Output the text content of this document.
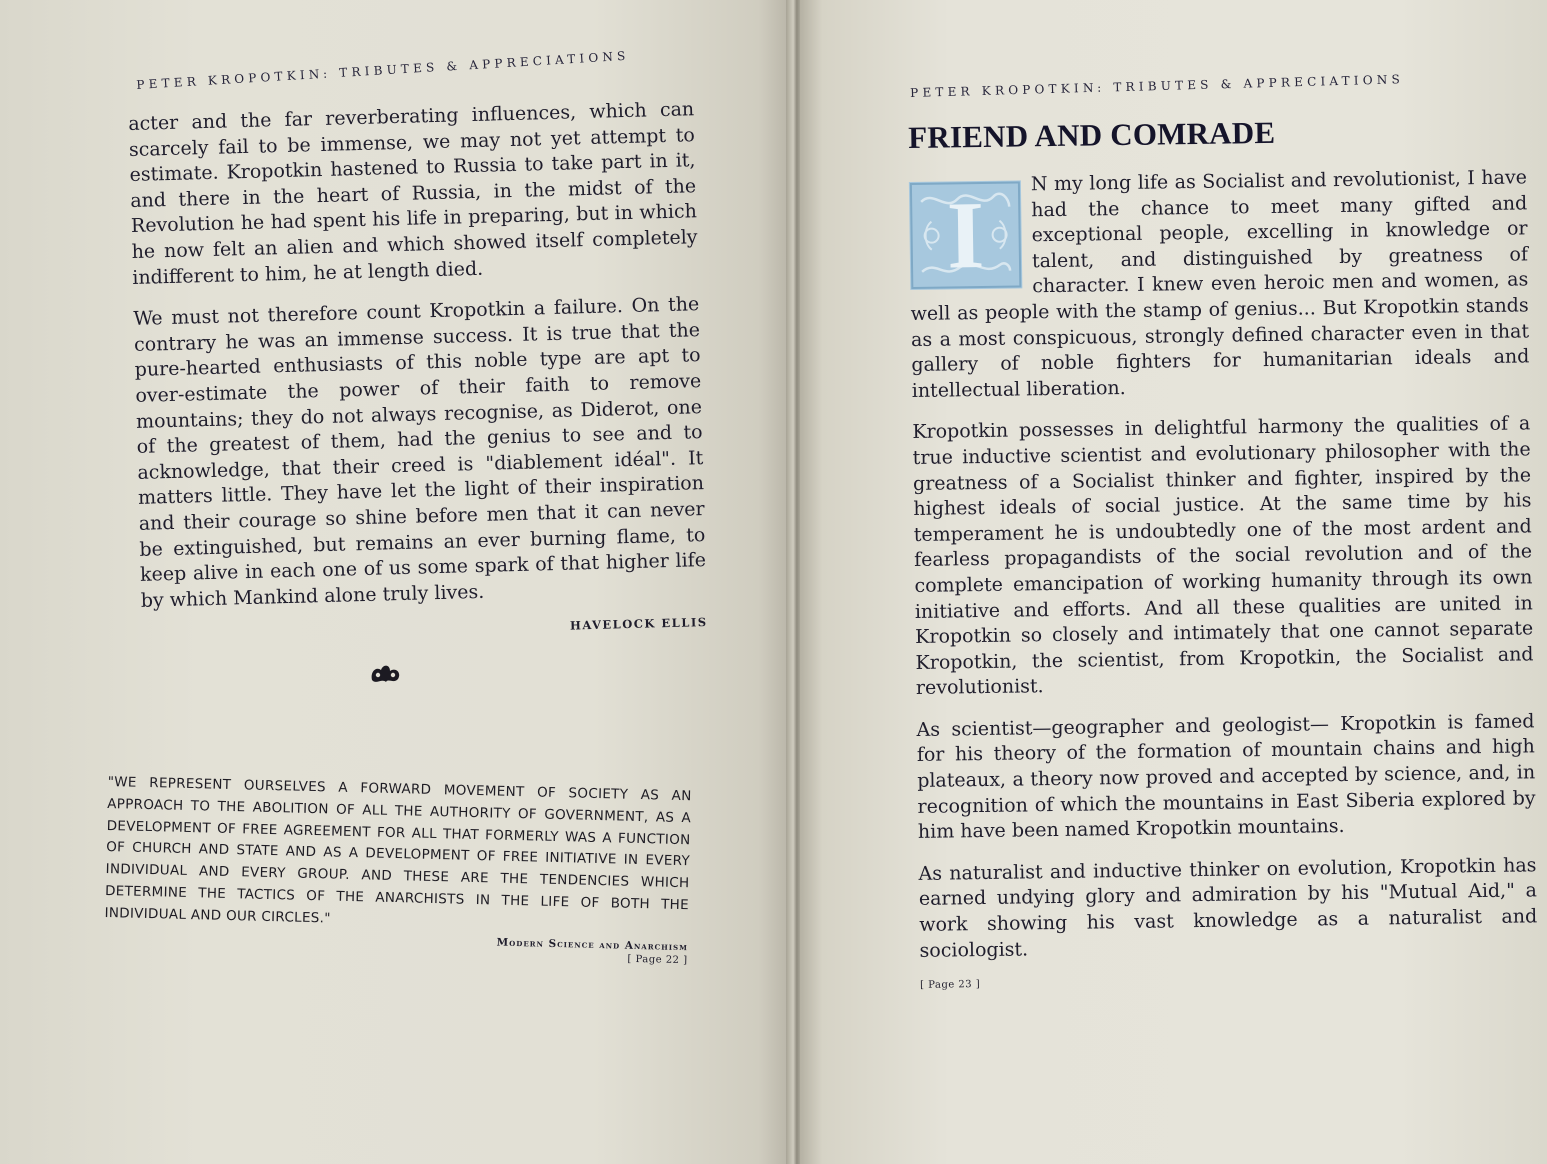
PETER KROPOTKIN: TRIBUTES & APPRECIATIONS

acter and the far reverberating influences, which can scarcely fail to be immense, we may not yet attempt to estimate. Kropotkin hastened to Russia to take part in it, and there in the heart of Russia, in the midst of the Revolution he had spent his life in preparing, but in which he now felt an alien and which showed itself completely indifferent to him, he at length died.

We must not therefore count Kropotkin a failure. On the contrary he was an immense success. It is true that the pure-hearted enthusiasts of this noble type are apt to over-estimate the power of their faith to remove mountains; they do not always recognise, as Diderot, one of the greatest of them, had the genius to see and to acknowledge, that their creed is "diablement idéal". It matters little. They have let the light of their inspiration and their courage so shine before men that it can never be extinguished, but remains an ever burning flame, to keep alive in each one of us some spark of that higher life by which Mankind alone truly lives.

HAVELOCK ELLIS

"WE REPRESENT OURSELVES A FORWARD MOVEMENT OF SOCIETY AS AN APPROACH TO THE ABOLITION OF ALL THE AUTHORITY OF GOVERNMENT, AS A DEVELOPMENT OF FREE AGREEMENT FOR ALL THAT FORMERLY WAS A FUNCTION OF CHURCH AND STATE AND AS A DEVELOPMENT OF FREE INITIATIVE IN EVERY INDIVIDUAL AND EVERY GROUP. AND THESE ARE THE TENDENCIES WHICH DETERMINE THE TACTICS OF THE ANARCHISTS IN THE LIFE OF BOTH THE INDIVIDUAL AND OUR CIRCLES."

Modern Science and Anarchism

[ Page 22 ]
PETER KROPOTKIN: TRIBUTES & APPRECIATIONS
FRIEND AND COMRADE
I

N my long life as Socialist and revolutionist, I have had the chance to meet many gifted and exceptional people, excelling in knowledge or talent, and distinguished by greatness of character. I knew even heroic men and women, as well as people with the stamp of genius... But Kropotkin stands as a most conspicuous, strongly defined character even in that gallery of noble fighters for humanitarian ideals and intellectual liberation.

Kropotkin possesses in delightful harmony the qualities of a true inductive scientist and evolutionary philosopher with the greatness of a Socialist thinker and fighter, inspired by the highest ideals of social justice. At the same time by his temperament he is undoubtedly one of the most ardent and fearless propagandists of the social revolution and of the complete emancipation of working humanity through its own initiative and efforts. And all these qualities are united in Kropotkin so closely and intimately that one cannot separate Kropotkin, the scientist, from Kropotkin, the Socialist and revolutionist.

As scientist—geographer and geologist— Kropotkin is famed for his theory of the formation of mountain chains and high plateaux, a theory now proved and accepted by science, and, in recognition of which the mountains in East Siberia explored by him have been named Kropotkin mountains.

As naturalist and inductive thinker on evolution, Kropotkin has earned undying glory and admiration by his "Mutual Aid," a work showing his vast knowledge as a naturalist and sociologist.

[ Page 23 ]
